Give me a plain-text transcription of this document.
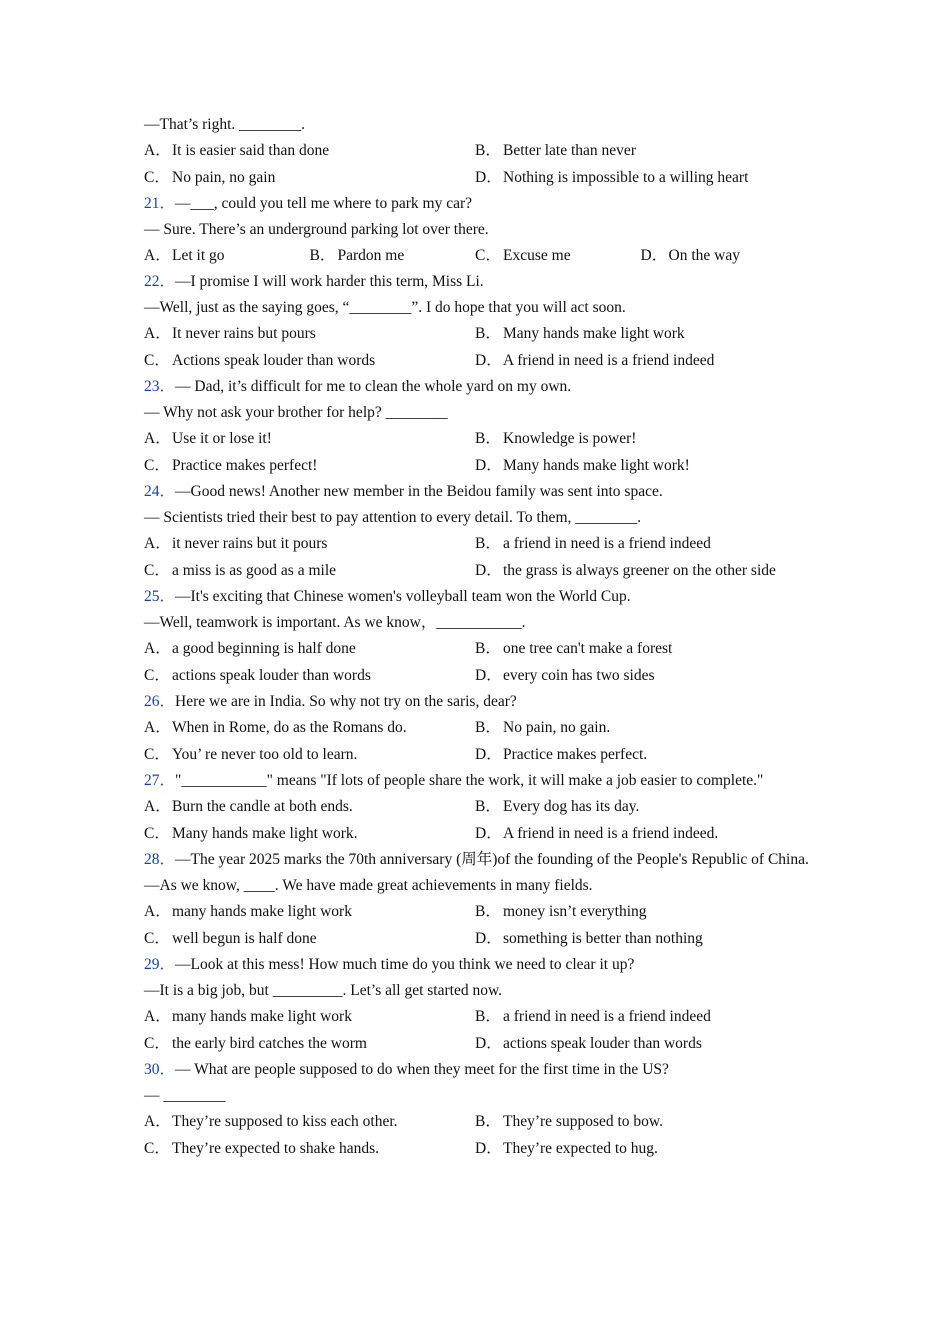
—That’s right. ________.
A．It is easier said than done	B． Better late than never
C． No pain, no gain	D．Nothing is impossible to a willing heart
21．—___, could you tell me where to park my car?
— Sure. There’s an underground parking lot over there.
A．Let it go	B． Pardon me	C． Excuse me	D．On the way
22．—I promise I will work harder this term, Miss Li.
—Well, just as the saying goes, “________”. I do hope that you will act soon.
A．It never rains but pours	B． Many hands make light work
C． Actions speak louder than words	D．A friend in need is a friend indeed
23．— Dad, it’s difficult for me to clean the whole yard on my own.
— Why not ask your brother for help? ________
A．Use it or lose it!	B． Knowledge is power!
C． Practice makes perfect!	D．Many hands make light work!
24．—Good news! Another new member in the Beidou family was sent into space.
— Scientists tried their best to pay attention to every detail. To them, ________.
A．it never rains but it pours	B． a friend in need is a friend indeed
C． a miss is as good as a mile	D．the grass is always greener on the other side
25．—It's exciting that Chinese women's volleyball team won the World Cup.
—Well, teamwork is important. As we know，___________.
A．a good beginning is half done	B． one tree can't make a forest
C． actions speak louder than words	D．every coin has two sides
26．Here we are in India. So why not try on the saris, dear?
A．When in Rome, do as the Romans do.	B． No pain, no gain.
C． You’ re never too old to learn.	D．Practice makes perfect.
27．"___________" means "If lots of people share the work, it will make a job easier to complete."
A．Burn the candle at both ends.	B． Every dog has its day.
C． Many hands make light work.	D．A friend in need is a friend indeed.
28．—The year 2025 marks the 70th anniversary (周年)of the founding of the People's Republic of China.
—As we know, ____. We have made great achievements in many fields.
A．many hands make light work	B． money isn’t everything
C． well begun is half done	D．something is better than nothing
29．—Look at this mess! How much time do you think we need to clear it up?
—It is a big job, but _________. Let’s all get started now.
A．many hands make light work	B． a friend in need is a friend indeed
C． the early bird catches the worm	D．actions speak louder than words
30．— What are people supposed to do when they meet for the first time in the US?
— ________
A．They’re supposed to kiss each other.	B． They’re supposed to bow.
C． They’re expected to shake hands.	D．They’re expected to hug.
